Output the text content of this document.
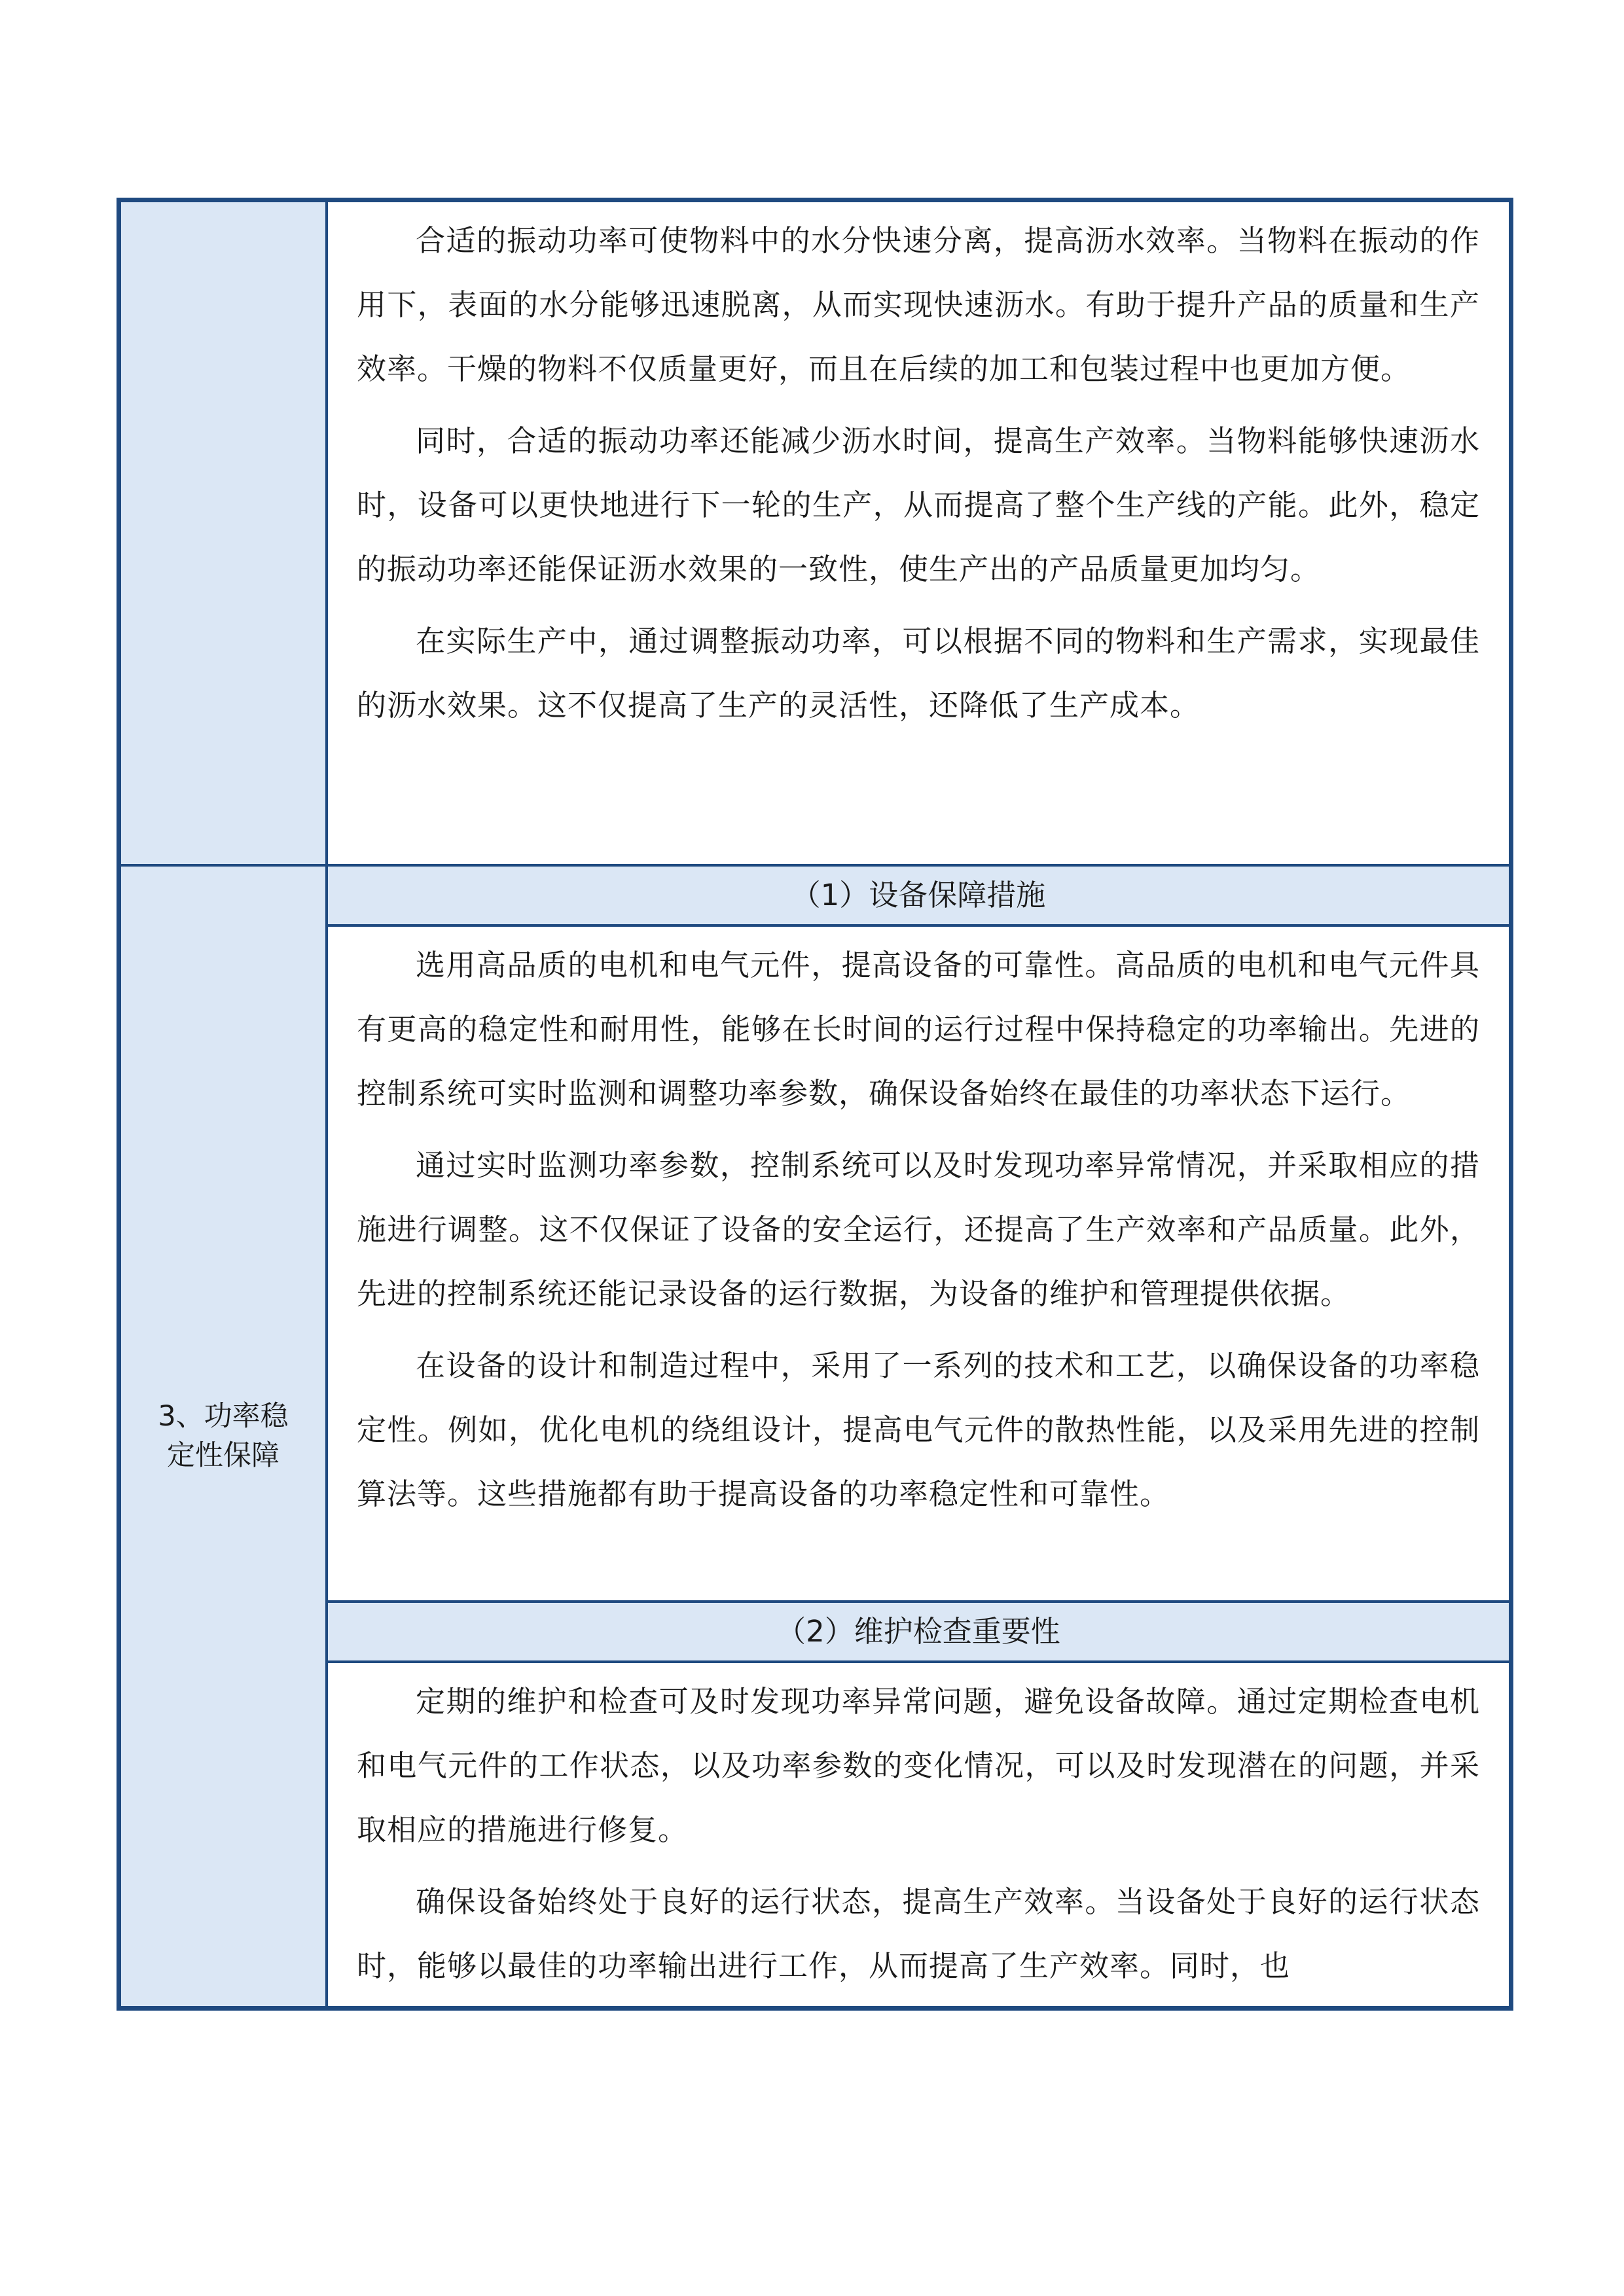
	合适的振动功率可使物料中的水分快速分离，提高沥水效率。当物料在振动的作用下，表面的水分能够迅速脱离，从而实现快速沥水。有助于提升产品的质量和生产效率。干燥的物料不仅质量更好，而且在后续的加工和包装过程中也更加方便。

同时，合适的振动功率还能减少沥水时间，提高生产效率。当物料能够快速沥水时，设备可以更快地进行下一轮的生产，从而提高了整个生产线的产能。此外，稳定的振动功率还能保证沥水效果的一致性，使生产出的产品质量更加均匀。

在实际生产中，通过调整振动功率，可以根据不同的物料和生产需求，实现最佳的沥水效果。这不仅提高了生产的灵活性，还降低了生产成本。

3、功率稳定性保障	（1）设备保障措施

	选用高品质的电机和电气元件，提高设备的可靠性。高品质的电机和电气元件具有更高的稳定性和耐用性，能够在长时间的运行过程中保持稳定的功率输出。先进的控制系统可实时监测和调整功率参数，确保设备始终在最佳的功率状态下运行。

通过实时监测功率参数，控制系统可以及时发现功率异常情况，并采取相应的措施进行调整。这不仅保证了设备的安全运行，还提高了生产效率和产品质量。此外，先进的控制系统还能记录设备的运行数据，为设备的维护和管理提供依据。

在设备的设计和制造过程中，采用了一系列的技术和工艺，以确保设备的功率稳定性。例如，优化电机的绕组设计，提高电气元件的散热性能，以及采用先进的控制算法等。这些措施都有助于提高设备的功率稳定性和可靠性。

	（2）维护检查重要性

	定期的维护和检查可及时发现功率异常问题，避免设备故障。通过定期检查电机和电气元件的工作状态，以及功率参数的变化情况，可以及时发现潜在的问题，并采取相应的措施进行修复。

确保设备始终处于良好的运行状态，提高生产效率。当设备处于良好的运行状态时，能够以最佳的功率输出进行工作，从而提高了生产效率。同时，也
